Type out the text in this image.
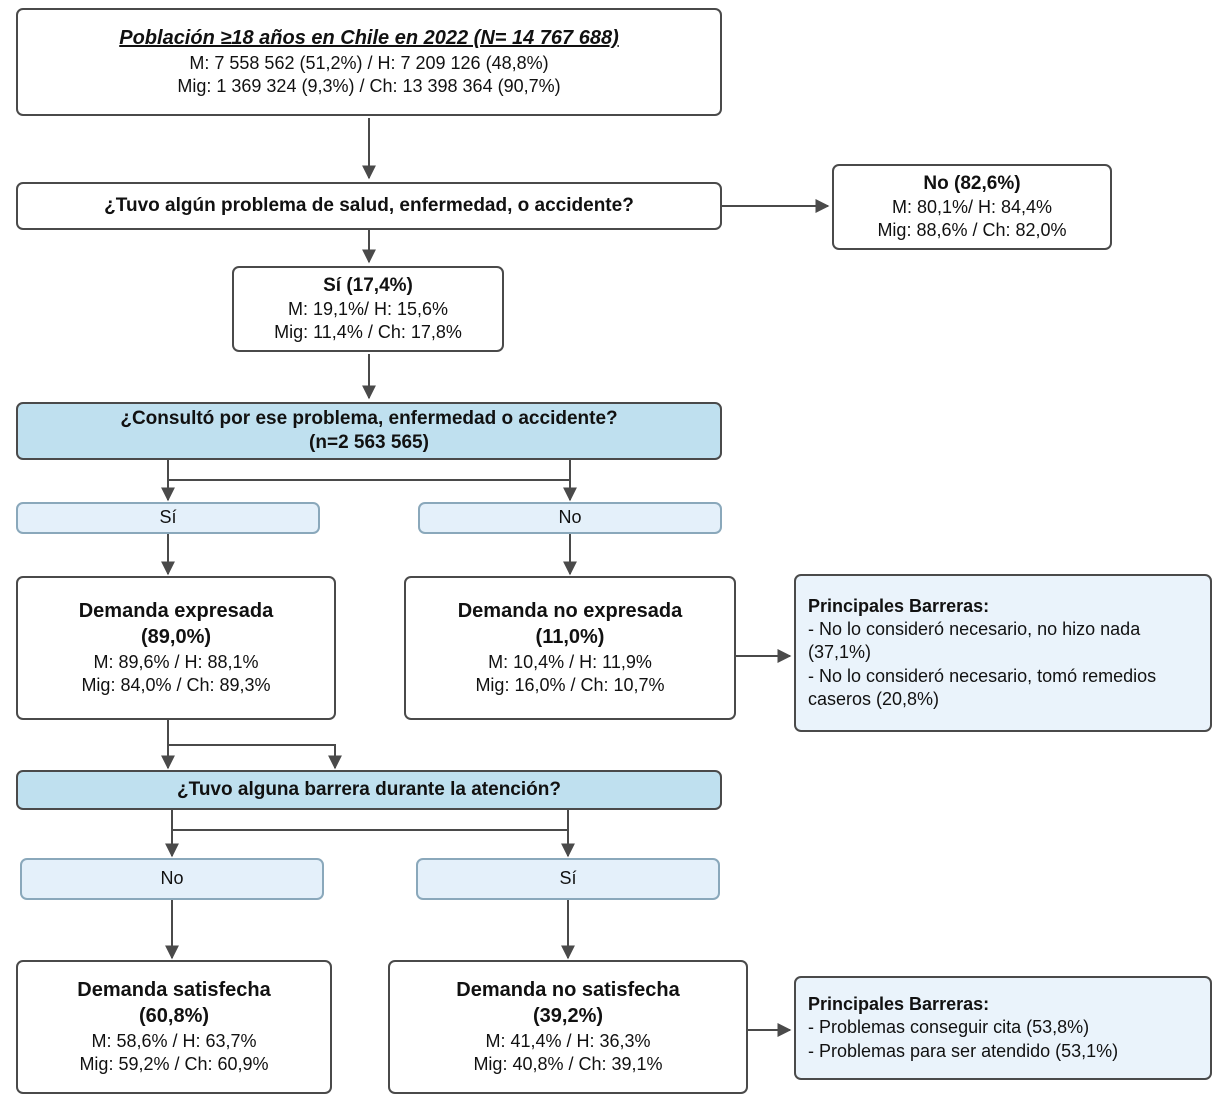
Población ≥18 años en Chile en 2022 (N= 14 767 688)
M: 7 558 562 (51,2%) / H: 7 209 126 (48,8%)
Mig: 1 369 324 (9,3%) / Ch: 13 398 364 (90,7%)
¿Tuvo algún problema de salud, enfermedad, o accidente?
No (82,6%)
M: 80,1%/ H: 84,4%
Mig: 88,6% / Ch: 82,0%
Sí (17,4%)
M: 19,1%/ H: 15,6%
Mig: 11,4% / Ch: 17,8%
¿Consultó por ese problema, enfermedad o accidente?
(n=2 563 565)
Sí	No
Demanda expresada
(89,0%)
M: 89,6% / H: 88,1%
Mig: 84,0% / Ch: 89,3%
Demanda no expresada
(11,0%)
M: 10,4% / H: 11,9%
Mig: 16,0% / Ch: 10,7%
Principales Barreras:
- No lo consideró necesario, no hizo nada (37,1%)
- No lo consideró necesario, tomó remedios caseros (20,8%)
¿Tuvo alguna barrera durante la atención?
No	Sí
Demanda satisfecha
(60,8%)
M: 58,6% / H: 63,7%
Mig: 59,2% / Ch: 60,9%
Demanda no satisfecha
(39,2%)
M: 41,4% / H: 36,3%
Mig: 40,8% / Ch: 39,1%
Principales Barreras:
- Problemas conseguir cita (53,8%)
- Problemas para ser atendido (53,1%)
